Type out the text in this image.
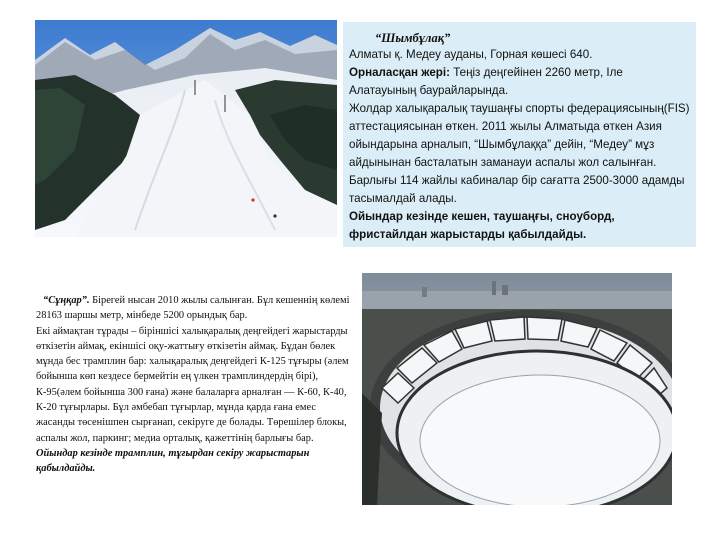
“Шымбұлақ”
Алматы қ. Медеу ауданы, Горная көшесі 640.
Орналасқан жері: Теңіз деңгейінен 2260 метр, Іле Алатауының баурайларында.
Жолдар халықаралық таушаңғы спорты федерациясының(FIS) аттестациясынан өткен. 2011 жылы Алматыда өткен Азия ойындарына арналып, “Шымбұлаққа” дейін, “Медеу” мұз айдынынан басталатын заманауи аспалы жол салынған. Барлығы 114 жайлы кабиналар бір сағатта 2500-3000 адамды тасымалдай алады.
Ойындар кезінде кешен, таушаңғы, сноуборд, фристайлдан жарыстарды қабылдайды.

“Сұңқар”. Бірегей нысан 2010 жылы салынған. Бұл кешеннің көлемі 28163 шаршы метр, мінбеде 5200 орындық бар.

Екі аймақтан тұрады – біріншісі халықаралық деңгейдегі жарыстарды өткізетін аймақ, екіншісі оқу-жаттығу өткізетін аймақ. Бұдан бөлек мұнда бес трамплин бар: халықаралық деңгейдегі К-125 тұғыры (әлем бойынша көп кездесе бермейтін ең үлкен трамплиндердің бірі), К-95(әлем бойынша 300 ғана) және балаларға арналған — К-60, К-40, К-20 тұғырлары. Бұл әмбебап тұғырлар, мұнда қарда ғана емес жасанды төсенішпен сырғанап, секіруге де болады. Төрешілер блокы, аспалы жол, паркинг; медиа орталық, қажеттінің барлығы бар.

Ойындар кезінде трамплин, тұғырдан секіру жарыстарын қабылдайды.
